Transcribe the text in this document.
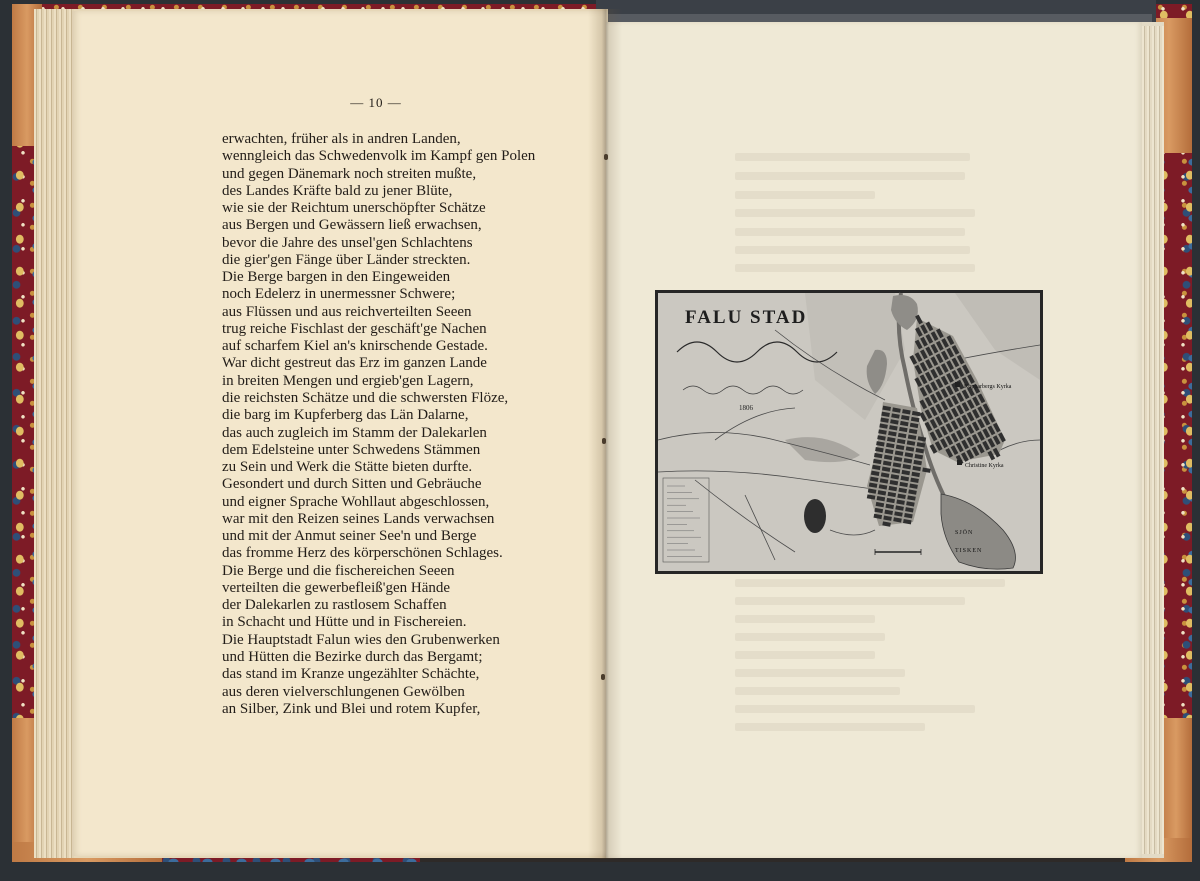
— 10 —
erwachten, früher als in andren Landen,
wenngleich das Schwedenvolk im Kampf gen Polen
und gegen Dänemark noch streiten mußte,
des Landes Kräfte bald zu jener Blüte,
wie sie der Reichtum unerschöpfter Schätze
aus Bergen und Gewässern ließ erwachsen,
bevor die Jahre des unsel'gen Schlachtens
die gier'gen Fänge über Länder streckten.
Die Berge bargen in den Eingeweiden
noch Edelerz in unermessner Schwere;
aus Flüssen und aus reichverteilten Seeen
trug reiche Fischlast der geschäft'ge Nachen
auf scharfem Kiel an's knirschende Gestade.
War dicht gestreut das Erz im ganzen Lande
in breiten Mengen und ergieb'gen Lagern,
die reichsten Schätze und die schwersten Flöze,
die barg im Kupferberg das Län Dalarne,
das auch zugleich im Stamm der Dalekarlen
dem Edelsteine unter Schwedens Stämmen
zu Sein und Werk die Stätte bieten durfte.
Gesondert und durch Sitten und Gebräuche
und eigner Sprache Wohllaut abgeschlossen,
war mit den Reizen seines Lands verwachsen
und mit der Anmut seiner See'n und Berge
das fromme Herz des körperschönen Schlages.
Die Berge und die fischereichen Seeen
verteilten die gewerbefleiß'gen Hände
der Dalekarlen zu rastlosem Schaffen
in Schacht und Hütte und in Fischereien.
Die Hauptstadt Falun wies den Grubenwerken
und Hütten die Bezirke durch das Bergamt;
das stand im Kranze ungezählter Schächte,
aus deren vielverschlungenen Gewölben
an Silber, Zink und Blei und rotem Kupfer,
FALU STAD
1806
Kopparbergs Kyrka
Christine Kyrka
SJÖN
TISKEN
